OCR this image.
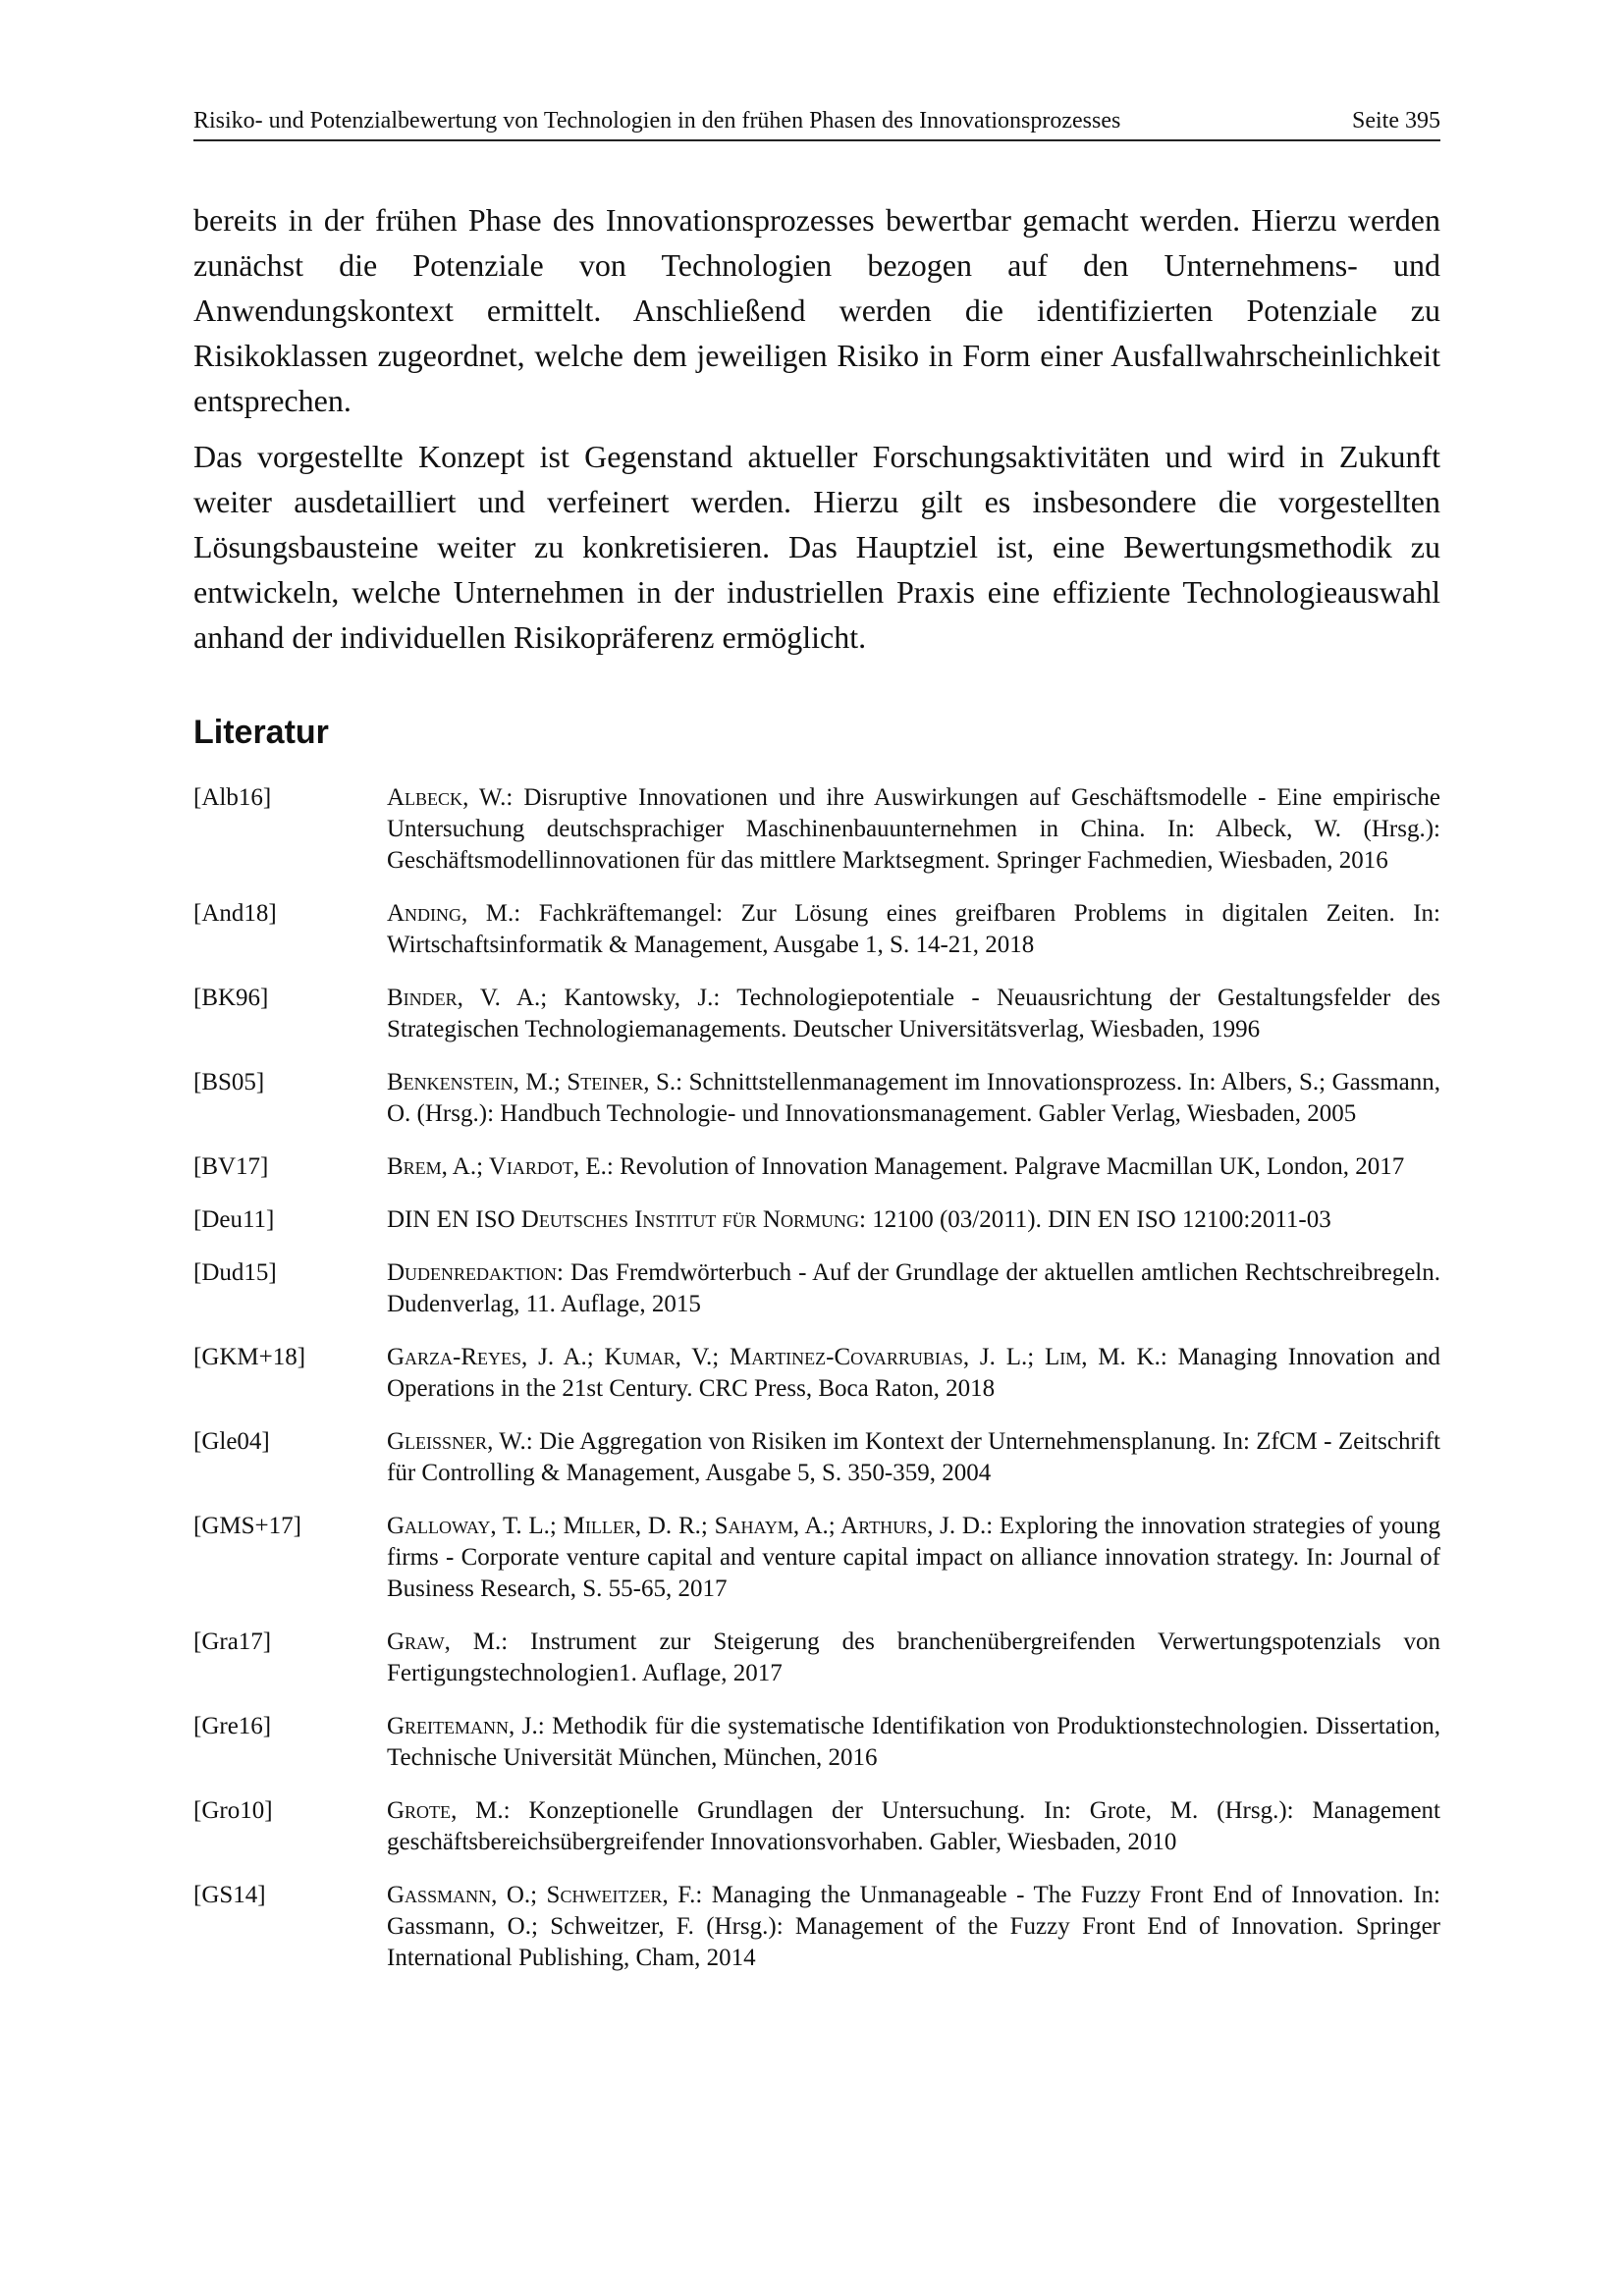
Risiko- und Potenzialbewertung von Technologien in den frühen Phasen des Innovationsprozesses	Seite 395

bereits in der frühen Phase des Innovationsprozesses bewertbar gemacht werden. Hierzu werden zunächst die Potenziale von Technologien bezogen auf den Unternehmens- und Anwendungskontext ermittelt. Anschließend werden die identifizierten Potenziale zu Risikoklassen zugeordnet, welche dem jeweiligen Risiko in Form einer Ausfallwahrscheinlichkeit entsprechen.

Das vorgestellte Konzept ist Gegenstand aktueller Forschungsaktivitäten und wird in Zukunft weiter ausdetailliert und verfeinert werden. Hierzu gilt es insbesondere die vorgestellten Lösungsbausteine weiter zu konkretisieren. Das Hauptziel ist, eine Bewertungsmethodik zu entwickeln, welche Unternehmen in der industriellen Praxis eine effiziente Technologieauswahl anhand der individuellen Risikopräferenz ermöglicht.

Literatur
[Alb16]	Albeck, W.: Disruptive Innovationen und ihre Auswirkungen auf Geschäftsmodelle - Eine empirische Untersuchung deutschsprachiger Maschinenbauunternehmen in China. In: Albeck, W. (Hrsg.): Geschäftsmodellinnovationen für das mittlere Marktsegment. Springer Fachmedien, Wiesbaden, 2016
[And18]	Anding, M.: Fachkräftemangel: Zur Lösung eines greifbaren Problems in digitalen Zeiten. In: Wirtschaftsinformatik & Management, Ausgabe 1, S. 14-21, 2018
[BK96]	Binder, V. A.; Kantowsky, J.: Technologiepotentiale - Neuausrichtung der Gestaltungsfelder des Strategischen Technologiemanagements. Deutscher Universitätsverlag, Wiesbaden, 1996
[BS05]	Benkenstein, M.; Steiner, S.: Schnittstellenmanagement im Innovationsprozess. In: Albers, S.; Gassmann, O. (Hrsg.): Handbuch Technologie- und Innovationsmanagement. Gabler Verlag, Wiesbaden, 2005
[BV17]	Brem, A.; Viardot, E.: Revolution of Innovation Management. Palgrave Macmillan UK, London, 2017
[Deu11]	DIN EN ISO Deutsches Institut für Normung: 12100 (03/2011). DIN EN ISO 12100:2011-03
[Dud15]	Dudenredaktion: Das Fremdwörterbuch - Auf der Grundlage der aktuellen amtlichen Rechtschreibregeln. Dudenverlag, 11. Auflage, 2015
[GKM+18]	Garza-Reyes, J. A.; Kumar, V.; Martinez-Covarrubias, J. L.; Lim, M. K.: Managing Innovation and Operations in the 21st Century. CRC Press, Boca Raton, 2018
[Gle04]	Gleißner, W.: Die Aggregation von Risiken im Kontext der Unternehmensplanung. In: ZfCM - Zeitschrift für Controlling & Management, Ausgabe 5, S. 350-359, 2004
[GMS+17]	Galloway, T. L.; Miller, D. R.; Sahaym, A.; Arthurs, J. D.: Exploring the innovation strategies of young firms - Corporate venture capital and venture capital impact on alliance innovation strategy. In: Journal of Business Research, S. 55-65, 2017
[Gra17]	Graw, M.: Instrument zur Steigerung des branchenübergreifenden Verwertungspotenzials von Fertigungstechnologien1. Auflage, 2017
[Gre16]	Greitemann, J.: Methodik für die systematische Identifikation von Produktionstechnologien. Dissertation, Technische Universität München, München, 2016
[Gro10]	Grote, M.: Konzeptionelle Grundlagen der Untersuchung. In: Grote, M. (Hrsg.): Management geschäftsbereichsübergreifender Innovationsvorhaben. Gabler, Wiesbaden, 2010
[GS14]	Gassmann, O.; Schweitzer, F.: Managing the Unmanageable - The Fuzzy Front End of Innovation. In: Gassmann, O.; Schweitzer, F. (Hrsg.): Management of the Fuzzy Front End of Innovation. Springer International Publishing, Cham, 2014
